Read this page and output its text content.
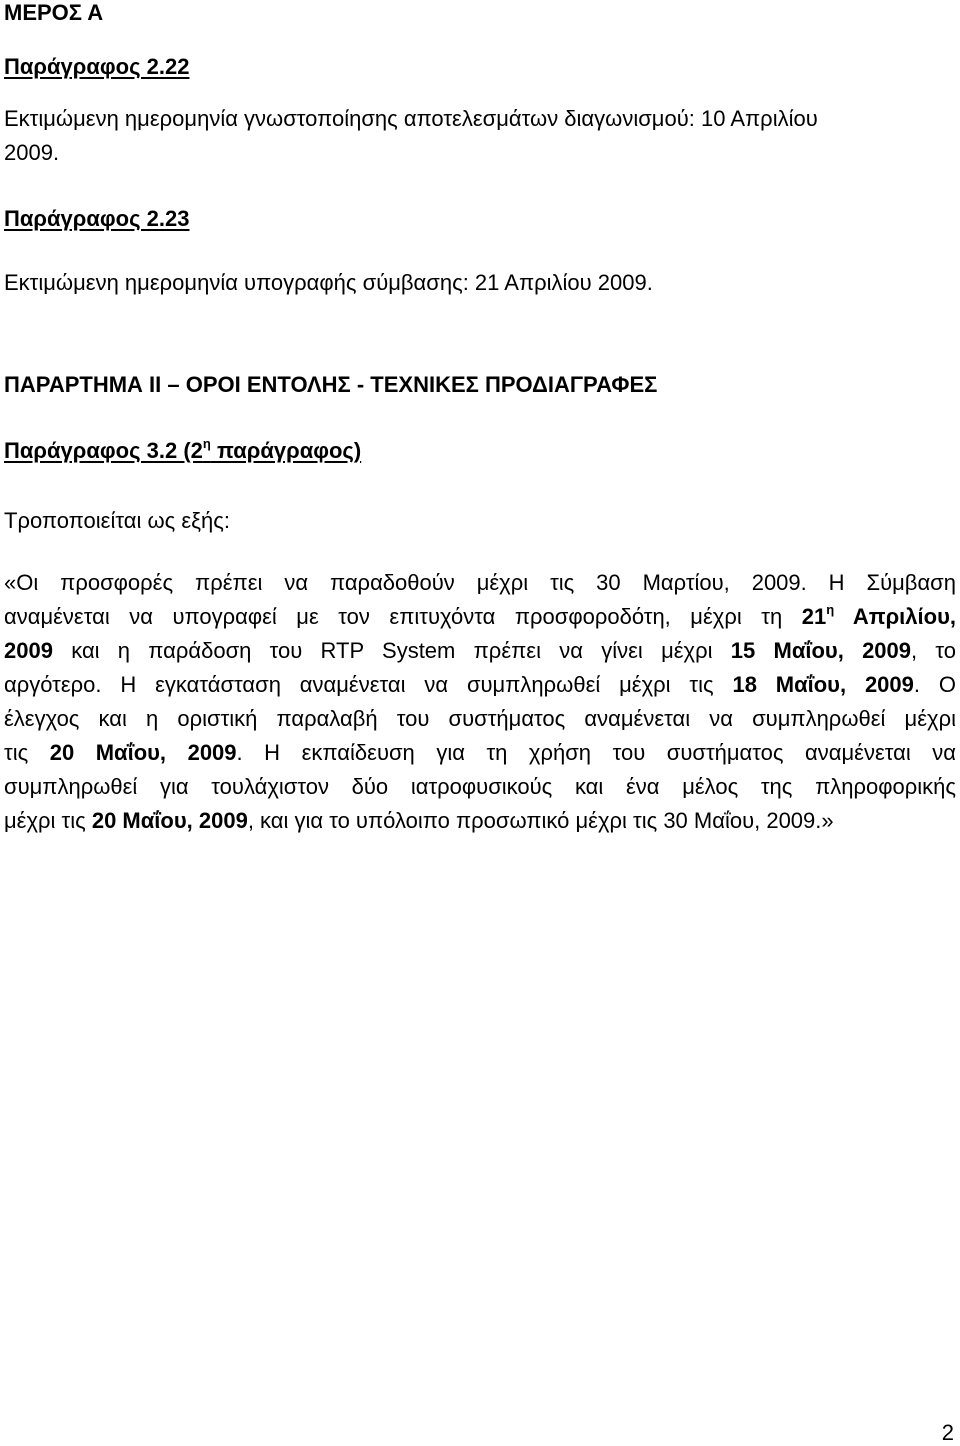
ΜΕΡΟΣ Α

Παράγραφος 2.22

Εκτιμώμενη ημερομηνία γνωστοποίησης αποτελεσμάτων διαγωνισμού: 10 Απριλίου

2009.

Παράγραφος 2.23

Εκτιμώμενη ημερομηνία υπογραφής σύμβασης: 21 Απριλίου 2009.

ΠΑΡΑΡΤΗΜΑ ΙΙ – ΟΡΟΙ ΕΝΤΟΛΗΣ - ΤΕΧΝΙΚΕΣ ΠΡΟΔΙΑΓΡΑΦΕΣ

Παράγραφος 3.2 ($2^\eta$ παράγραφος)

Τροποποιείται ως εξής:

«Οι προσφορές πρέπει να παραδοθούν μέχρι τις 30 Μαρτίου, 2009. Η Σύμβαση

αναμένεται να υπογραφεί με τον επιτυχόντα προσφοροδότη, μέχρι τη $21^\eta$ Απριλίου,

2009 και η παράδοση του RTP System πρέπει να γίνει μέχρι 15 Μαΐου, 2009, το

αργότερο. Η εγκατάσταση αναμένεται να συμπληρωθεί μέχρι τις 18 Μαΐου, 2009. Ο

έλεγχος και η οριστική παραλαβή του συστήματος αναμένεται να συμπληρωθεί μέχρι

τις 20 Μαΐου, 2009. Η εκπαίδευση για τη χρήση του συστήματος αναμένεται να

συμπληρωθεί για τουλάχιστον δύο ιατροφυσικούς και ένα μέλος της πληροφορικής

μέχρι τις 20 Μαΐου, 2009, και για το υπόλοιπο προσωπικό μέχρι τις 30 Μαΐου, 2009.»

2
